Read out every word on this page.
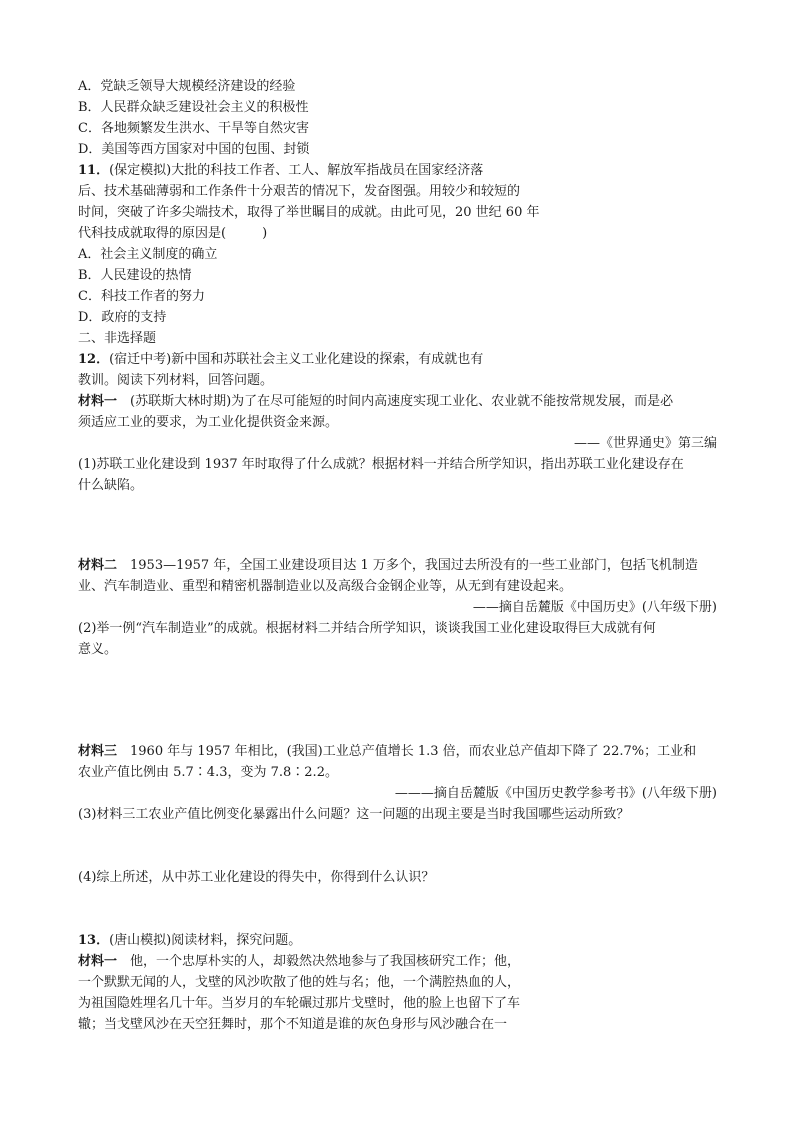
A．党缺乏领导大规模经济建设的经验
B．人民群众缺乏建设社会主义的积极性
C．各地频繁发生洪水、干旱等自然灾害
D．美国等西方国家对中国的包围、封锁
11．(保定模拟)大批的科技工作者、工人、解放军指战员在国家经济落
后、技术基础薄弱和工作条件十分艰苦的情况下，发奋图强。用较少和较短的
时间，突破了许多尖端技术，取得了举世瞩目的成就。由此可见，20 世纪 60 年
代科技成就取得的原因是(	)
A．社会主义制度的确立
B．人民建设的热情
C．科技工作者的努力
D．政府的支持
二、非选择题
12．(宿迁中考)新中国和苏联社会主义工业化建设的探索，有成就也有
教训。阅读下列材料，回答问题。
材料一　(苏联斯大林时期)为了在尽可能短的时间内高速度实现工业化、农业就不能按常规发展，而是必
须适应工业的要求，为工业化提供资金来源。
——《世界通史》第三编
(1)苏联工业化建设到 1937 年时取得了什么成就？根据材料一并结合所学知识，指出苏联工业化建设存在
什么缺陷。
材料二　1953—1957 年，全国工业建设项目达 1 万多个，我国过去所没有的一些工业部门，包括飞机制造
业、汽车制造业、重型和精密机器制造业以及高级合金钢企业等，从无到有建设起来。
——摘自岳麓版《中国历史》(八年级下册)
(2)举一例“汽车制造业”的成就。根据材料二并结合所学知识，谈谈我国工业化建设取得巨大成就有何
意义。
材料三　1960 年与 1957 年相比，(我国)工业总产值增长 1.3 倍，而农业总产值却下降了 22.7%；工业和
农业产值比例由 5.7∶4.3，变为 7.8∶2.2。
———摘自岳麓版《中国历史教学参考书》(八年级下册)
(3)材料三工农业产值比例变化暴露出什么问题？这一问题的出现主要是当时我国哪些运动所致？
(4)综上所述，从中苏工业化建设的得失中，你得到什么认识？
13．(唐山模拟)阅读材料，探究问题。
材料一　他，一个忠厚朴实的人，却毅然决然地参与了我国核研究工作；他，
一个默默无闻的人，戈壁的风沙吹散了他的姓与名；他，一个满腔热血的人，
为祖国隐姓埋名几十年。当岁月的车轮碾过那片戈壁时，他的脸上也留下了车
辙；当戈壁风沙在天空狂舞时，那个不知道是谁的灰色身形与风沙融合在一
